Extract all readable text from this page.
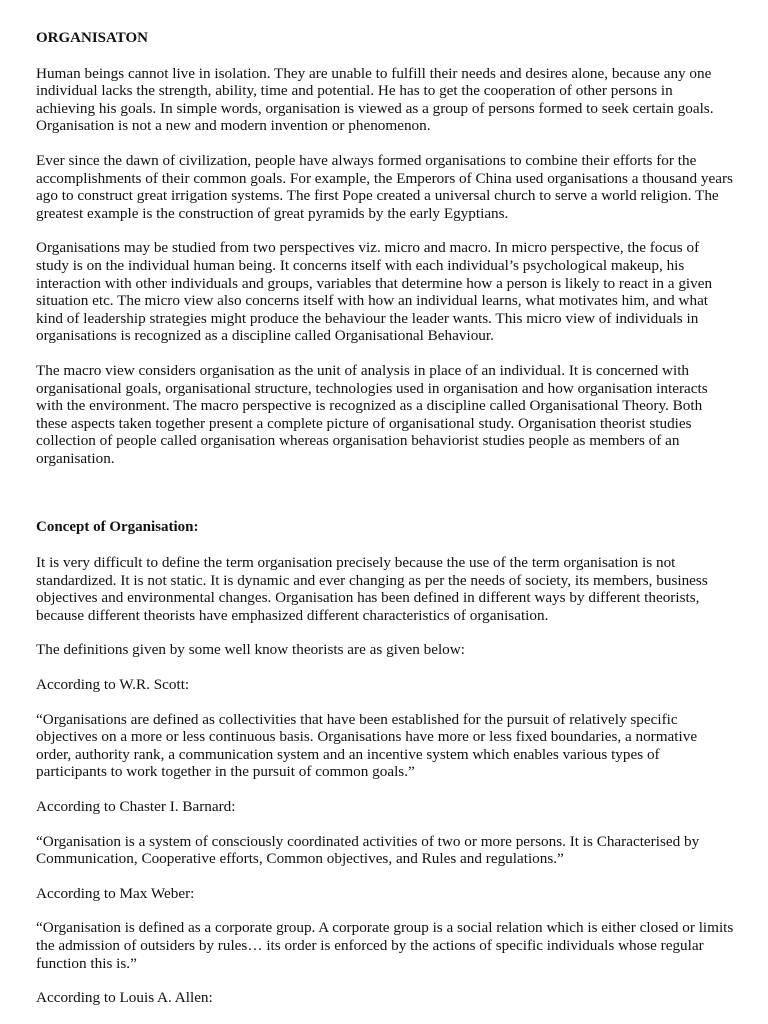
ORGANISATON

Human beings cannot live in isolation. They are unable to fulfill their needs and desires alone, because any one individual lacks the strength, ability, time and potential. He has to get the cooperation of other persons in achieving his goals. In simple words, organisation is viewed as a group of persons formed to seek certain goals. Organisation is not a new and modern invention or phenomenon.

Ever since the dawn of civilization, people have always formed organisations to combine their efforts for the accomplishments of their common goals. For example, the Emperors of China used organisations a thousand years ago to construct great irrigation systems. The first Pope created a universal church to serve a world religion. The greatest example is the construction of great pyramids by the early Egyptians.

Organisations may be studied from two perspectives viz. micro and macro. In micro perspective, the focus of study is on the individual human being. It concerns itself with each individual’s psychological makeup, his interaction with other individuals and groups, variables that determine how a person is likely to react in a given situation etc. The micro view also concerns itself with how an individual learns, what motivates him, and what kind of leadership strategies might produce the behaviour the leader wants. This micro view of individuals in organisations is recognized as a discipline called Organisational Behaviour.

The macro view considers organisation as the unit of analysis in place of an individual. It is concerned with organisational goals, organisational structure, technologies used in organisation and how organisation interacts with the environment. The macro perspective is recognized as a discipline called Organisational Theory. Both these aspects taken together present a complete picture of organisational study. Organisation theorist studies collection of people called organisation whereas organisation behaviorist studies people as members of an organisation.

Concept of Organisation:

It is very difficult to define the term organisation precisely because the use of the term organisation is not standardized. It is not static. It is dynamic and ever changing as per the needs of society, its members, business objectives and environmental changes. Organisation has been defined in different ways by different theorists, because different theorists have emphasized different characteristics of organisation.

The definitions given by some well know theorists are as given below:

According to W.R. Scott:

“Organisations are defined as collectivities that have been established for the pursuit of relatively specific objectives on a more or less continuous basis. Organisations have more or less fixed boundaries, a normative order, authority rank, a communication system and an incentive system which enables various types of participants to work together in the pursuit of common goals.”

According to Chaster I. Barnard:

“Organisation is a system of consciously coordinated activities of two or more persons. It is Characterised by Communication, Cooperative efforts, Common objectives, and Rules and regulations.”

According to Max Weber:

“Organisation is defined as a corporate group. A corporate group is a social relation which is either closed or limits the admission of outsiders by rules… its order is enforced by the actions of specific individuals whose regular function this is.”

According to Louis A. Allen:
